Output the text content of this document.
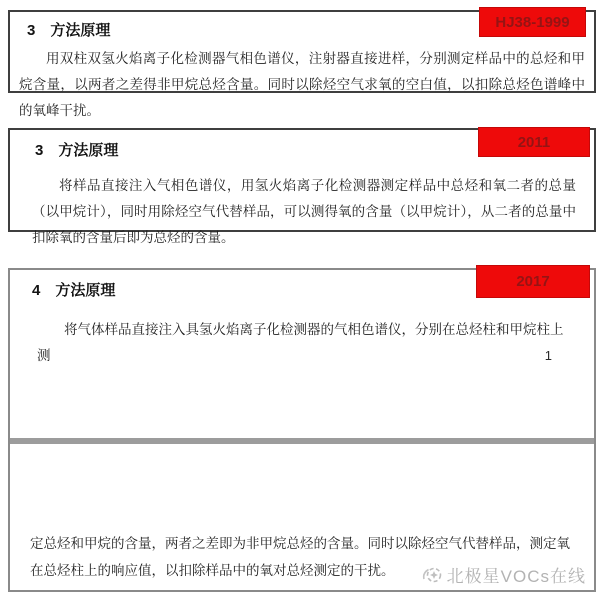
3 方法原理	HJ38-1999

用双柱双氢火焰离子化检测器气相色谱仪，注射器直接进样，分别测定样品中的总烃和甲烷含量，以两者之差得非甲烷总烃含量。同时以除烃空气求氧的空白值，以扣除总烃色谱峰中的氧峰干扰。

3 方法原理	2011

将样品直接注入气相色谱仪，用氢火焰离子化检测器测定样品中总烃和氧二者的总量（以甲烷计），同时用除烃空气代替样品，可以测得氧的含量（以甲烷计），从二者的总量中扣除氧的含量后即为总烃的含量。

4 方法原理
2017

将气体样品直接注入具氢火焰离子化检测器的气相色谱仪，分别在总烃柱和甲烷柱上测	1

定总烃和甲烷的含量，两者之差即为非甲烷总烃的含量。同时以除烃空气代替样品，测定氧在总烃柱上的响应值，以扣除样品中的氧对总烃测定的干扰。	北极星VOCs在线
